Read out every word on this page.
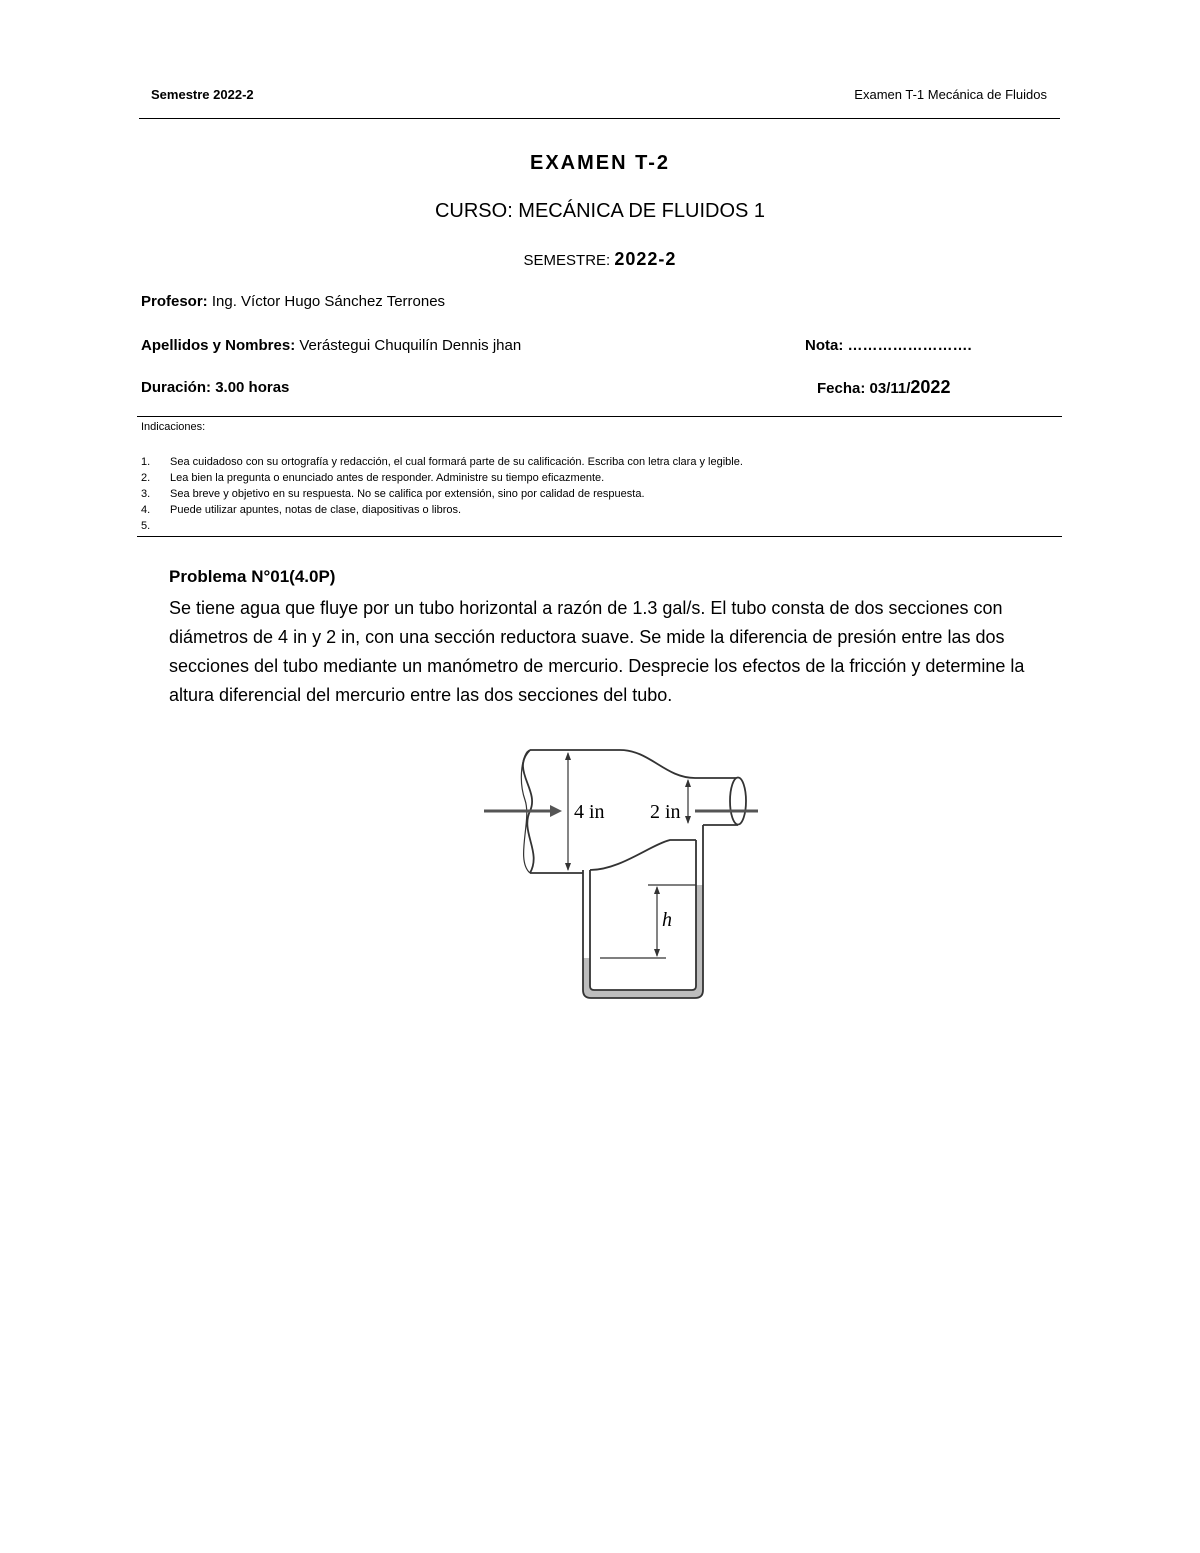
Semestre 2022-2	Examen T-1 Mecánica de Fluidos
EXAMEN T-2
CURSO: MECÁNICA DE FLUIDOS 1
SEMESTRE: 2022-2
Profesor: Ing. Víctor Hugo Sánchez Terrones
Apellidos y Nombres: Verástegui Chuquilín Dennis jhan	Nota: …………………….
Duración: 3.00 horas	Fecha: 03/11/2022
Indicaciones:
1. Sea cuidadoso con su ortografía y redacción, el cual formará parte de su calificación. Escriba con letra clara y legible.
2. Lea bien la pregunta o enunciado antes de responder. Administre su tiempo eficazmente.
3. Sea breve y objetivo en su respuesta. No se califica por extensión, sino por calidad de respuesta.
4. Puede utilizar apuntes, notas de clase, diapositivas o libros.
5.
Problema N°01(4.0P)
Se tiene agua que fluye por un tubo horizontal a razón de 1.3 gal/s. El tubo consta de dos secciones con diámetros de 4 in y 2 in, con una sección reductora suave. Se mide la diferencia de presión entre las dos secciones del tubo mediante un manómetro de mercurio. Desprecie los efectos de la fricción y determine la altura diferencial del mercurio entre las dos secciones del tubo.
4 in 2 in
h
